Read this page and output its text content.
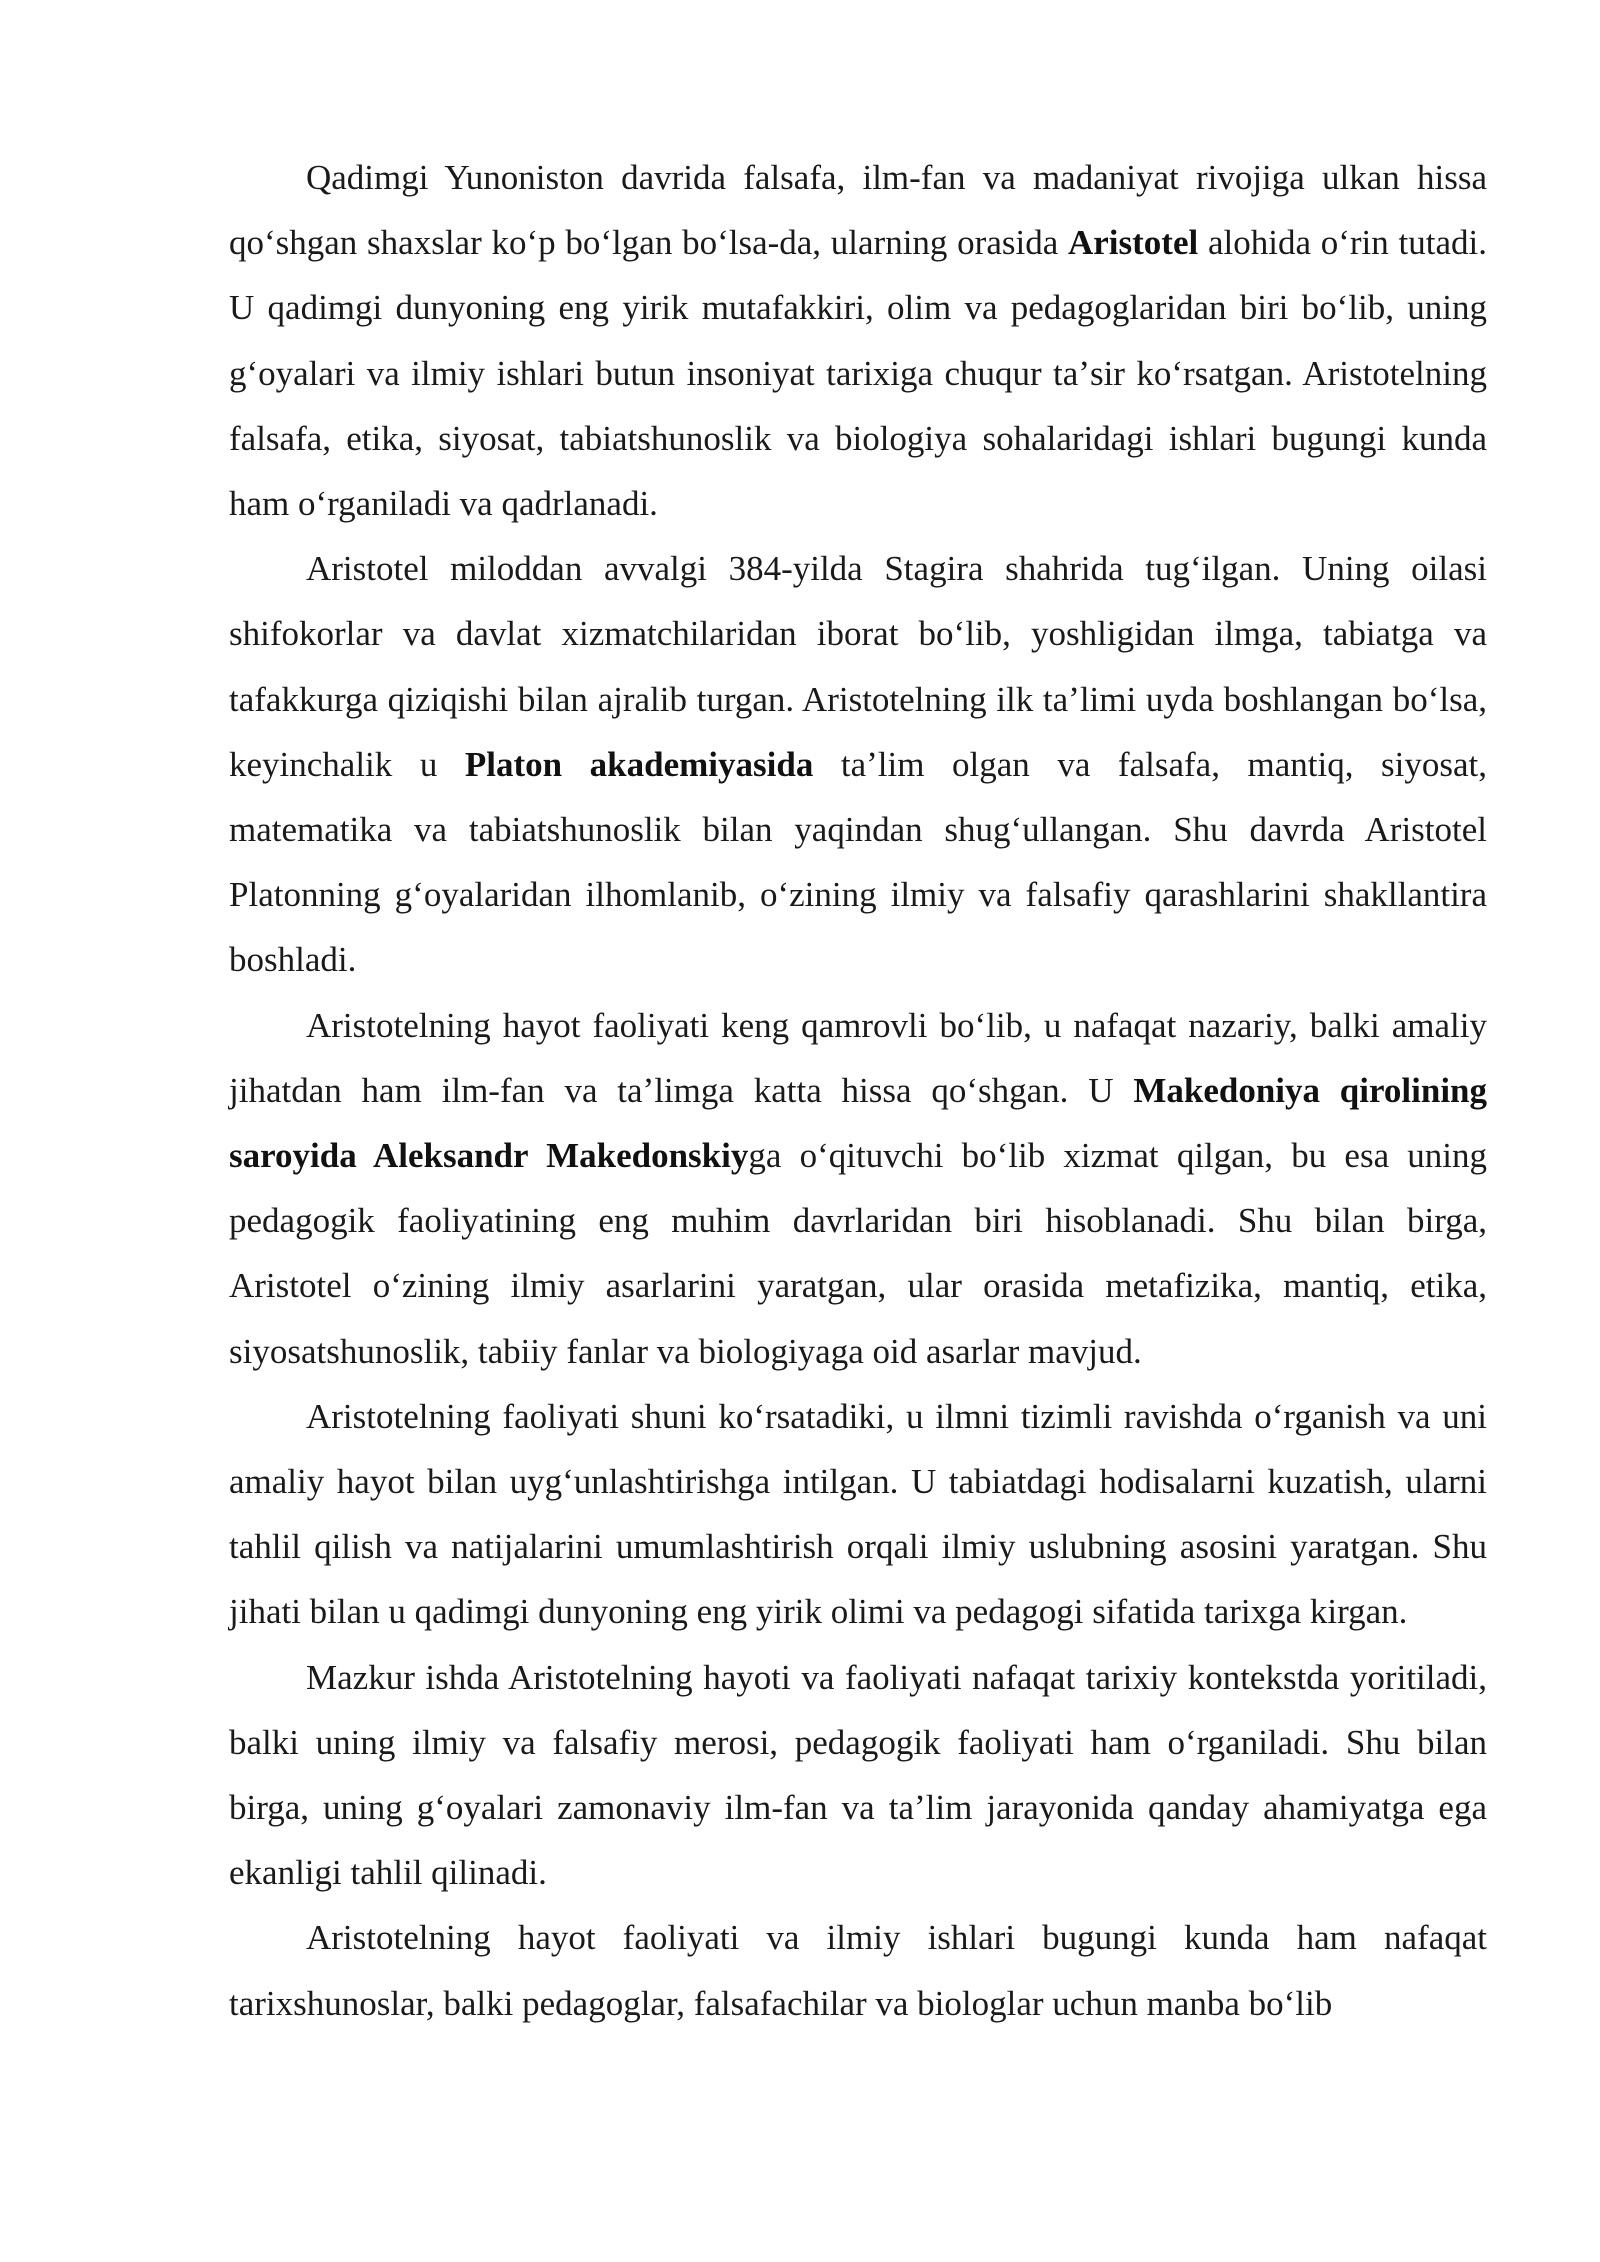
Qadimgi Yunoniston davrida falsafa, ilm-fan va madaniyat rivojiga ulkan hissa qoʻshgan shaxslar koʻp boʻlgan boʻlsa-da, ularning orasida Aristotel alohida oʻrin tutadi. U qadimgi dunyoning eng yirik mutafakkiri, olim va pedagoglaridan biri boʻlib, uning gʻoyalari va ilmiy ishlari butun insoniyat tarixiga chuqur taʼsir koʻrsatgan. Aristotelning falsafa, etika, siyosat, tabiatshunoslik va biologiya sohalaridagi ishlari bugungi kunda ham oʻrganiladi va qadrlanadi.

Aristotel miloddan avvalgi 384-yilda Stagira shahrida tugʻilgan. Uning oilasi shifokorlar va davlat xizmatchilaridan iborat boʻlib, yoshligidan ilmga, tabiatga va tafakkurga qiziqishi bilan ajralib turgan. Aristotelning ilk taʼlimi uyda boshlangan boʻlsa, keyinchalik u Platon akademiyasida taʼlim olgan va falsafa, mantiq, siyosat, matematika va tabiatshunoslik bilan yaqindan shugʻullangan. Shu davrda Aristotel Platonning gʻoyalaridan ilhomlanib, oʻzining ilmiy va falsafiy qarashlarini shakllantira boshladi.

Aristotelning hayot faoliyati keng qamrovli boʻlib, u nafaqat nazariy, balki amaliy jihatdan ham ilm-fan va taʼlimga katta hissa qoʻshgan. U Makedoniya qirolining saroyida Aleksandr Makedonskiyga oʻqituvchi boʻlib xizmat qilgan, bu esa uning pedagogik faoliyatining eng muhim davrlaridan biri hisoblanadi. Shu bilan birga, Aristotel oʻzining ilmiy asarlarini yaratgan, ular orasida metafizika, mantiq, etika, siyosatshunoslik, tabiiy fanlar va biologiyaga oid asarlar mavjud.

Aristotelning faoliyati shuni koʻrsatadiki, u ilmni tizimli ravishda oʻrganish va uni amaliy hayot bilan uygʻunlashtirishga intilgan. U tabiatdagi hodisalarni kuzatish, ularni tahlil qilish va natijalarini umumlashtirish orqali ilmiy uslubning asosini yaratgan. Shu jihati bilan u qadimgi dunyoning eng yirik olimi va pedagogi sifatida tarixga kirgan.

Mazkur ishda Aristotelning hayoti va faoliyati nafaqat tarixiy kontekstda yoritiladi, balki uning ilmiy va falsafiy merosi, pedagogik faoliyati ham oʻrganiladi. Shu bilan birga, uning gʻoyalari zamonaviy ilm-fan va taʼlim jarayonida qanday ahamiyatga ega ekanligi tahlil qilinadi.

Aristotelning hayot faoliyati va ilmiy ishlari bugungi kunda ham nafaqat tarixshunoslar, balki pedagoglar, falsafachilar va biologlar uchun manba boʻlib
